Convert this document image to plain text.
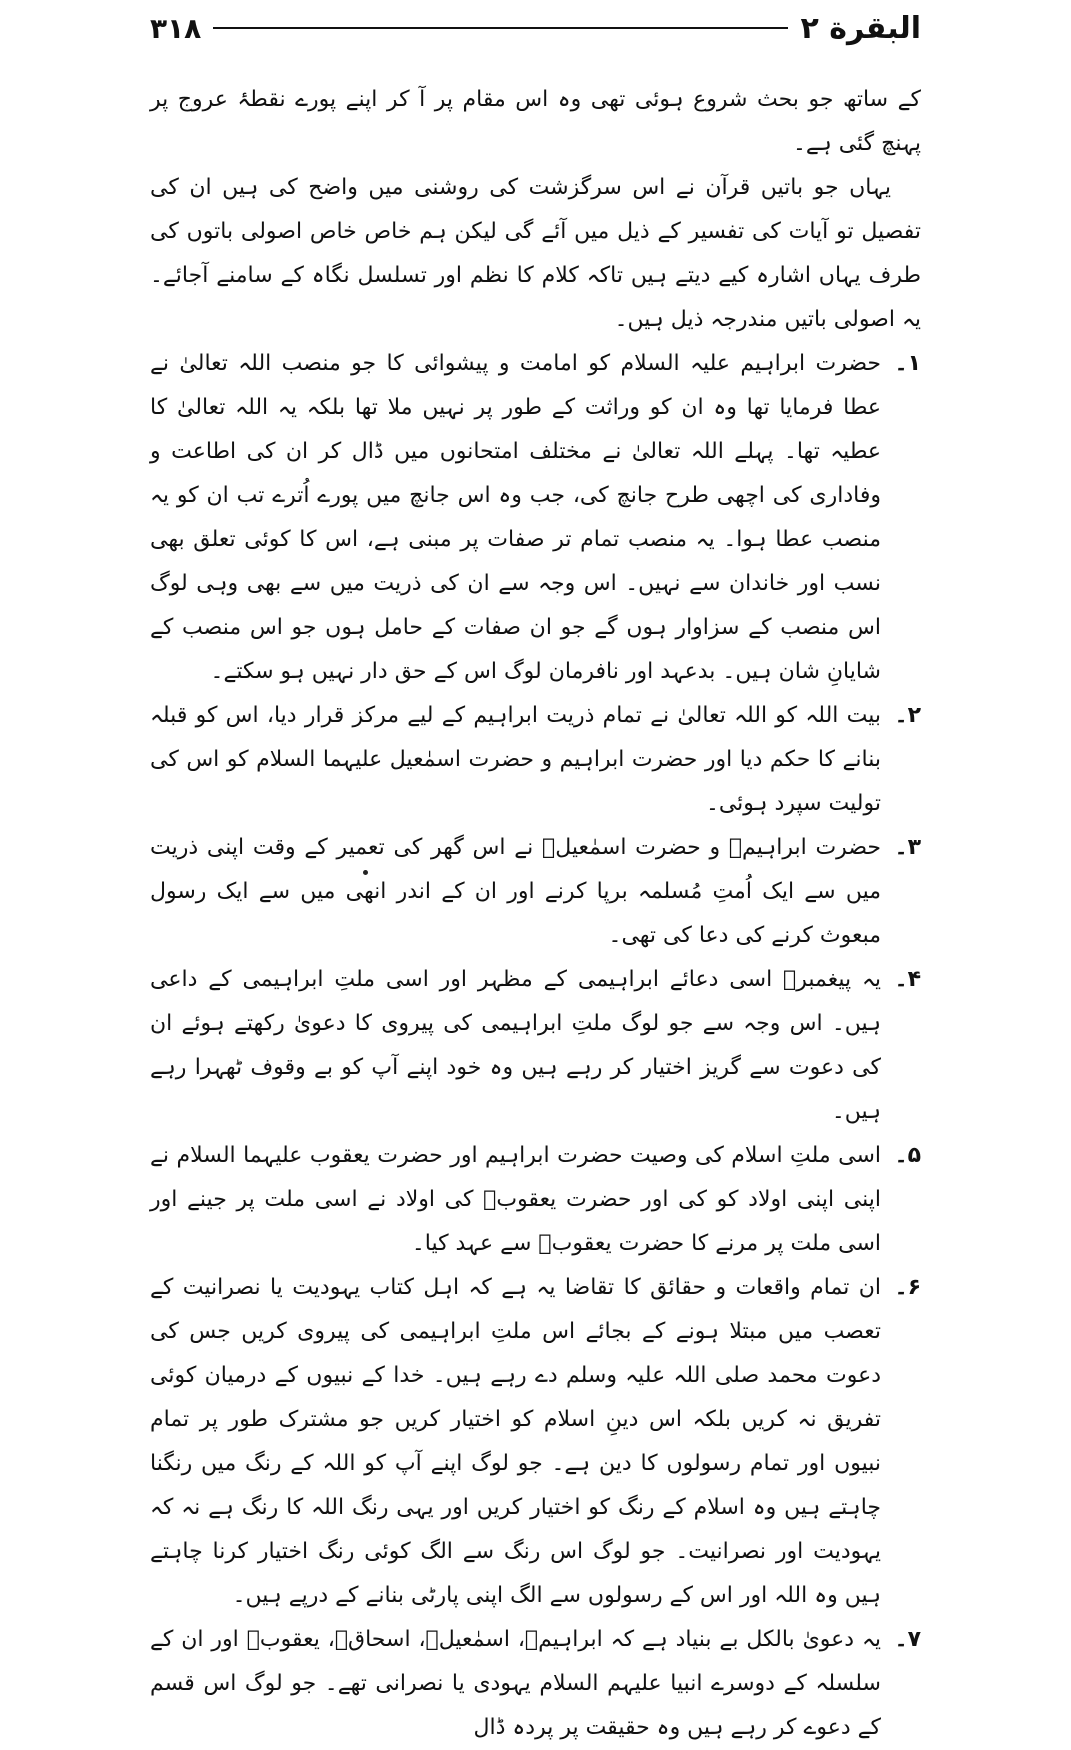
البقرة ٢
٣١٨

کے ساتھ جو بحث شروع ہوئی تھی وہ اس مقام پر آ کر اپنے پورے نقطۂ عروج پر پہنچ گئی ہے۔

یہاں جو باتیں قرآن نے اس سرگزشت کی روشنی میں واضح کی ہیں ان کی تفصیل تو آیات کی تفسیر کے ذیل میں آئے گی لیکن ہم خاص خاص اصولی باتوں کی طرف یہاں اشارہ کیے دیتے ہیں تاکہ کلام کا نظم اور تسلسل نگاہ کے سامنے آجائے۔ یہ اصولی باتیں مندرجہ ذیل ہیں۔

۱۔
حضرت ابراہیم علیہ السلام کو امامت و پیشوائی کا جو منصب اللہ تعالیٰ نے عطا فرمایا تھا وہ ان کو وراثت کے طور پر نہیں ملا تھا بلکہ یہ اللہ تعالیٰ کا عطیہ تھا۔ پہلے اللہ تعالیٰ نے مختلف امتحانوں میں ڈال کر ان کی اطاعت و وفاداری کی اچھی طرح جانچ کی، جب وہ اس جانچ میں پورے اُترے تب ان کو یہ منصب عطا ہوا۔ یہ منصب تمام تر صفات پر مبنی ہے، اس کا کوئی تعلق بھی نسب اور خاندان سے نہیں۔ اس وجہ سے ان کی ذریت میں سے بھی وہی لوگ اس منصب کے سزاوار ہوں گے جو ان صفات کے حامل ہوں جو اس منصب کے شایانِ شان ہیں۔ بدعہد اور نافرمان لوگ اس کے حق دار نہیں ہو سکتے۔
۲۔
بیت اللہ کو اللہ تعالیٰ نے تمام ذریت ابراہیم کے لیے مرکز قرار دیا، اس کو قبلہ بنانے کا حکم دیا اور حضرت ابراہیم و حضرت اسمٰعیل علیہما السلام کو اس کی تولیت سپرد ہوئی۔
۳۔
حضرت ابراہیمؑ و حضرت اسمٰعیلؑ نے اس گھر کی تعمیر کے وقت اپنی ذریت میں سے ایک اُمتِ مُسلمہ برپا کرنے اور ان کے اندر انھی میں سے ایک رسول مبعوث کرنے کی دعا کی تھی۔
۴۔
یہ پیغمبرؐ اسی دعائے ابراہیمی کے مظہر اور اسی ملتِ ابراہیمی کے داعی ہیں۔ اس وجہ سے جو لوگ ملتِ ابراہیمی کی پیروی کا دعویٰ رکھتے ہوئے ان کی دعوت سے گریز اختیار کر رہے ہیں وہ خود اپنے آپ کو بے وقوف ٹھہرا رہے ہیں۔
۵۔
اسی ملتِ اسلام کی وصیت حضرت ابراہیم اور حضرت یعقوب علیہما السلام نے اپنی اپنی اولاد کو کی اور حضرت یعقوبؑ کی اولاد نے اسی ملت پر جینے اور اسی ملت پر مرنے کا حضرت یعقوبؑ سے عہد کیا۔
۶۔
ان تمام واقعات و حقائق کا تقاضا یہ ہے کہ اہل کتاب یہودیت یا نصرانیت کے تعصب میں مبتلا ہونے کے بجائے اس ملتِ ابراہیمی کی پیروی کریں جس کی دعوت محمد صلی اللہ علیہ وسلم دے رہے ہیں۔ خدا کے نبیوں کے درمیان کوئی تفریق نہ کریں بلکہ اس دینِ اسلام کو اختیار کریں جو مشترک طور پر تمام نبیوں اور تمام رسولوں کا دین ہے۔ جو لوگ اپنے آپ کو اللہ کے رنگ میں رنگنا چاہتے ہیں وہ اسلام کے رنگ کو اختیار کریں اور یہی رنگ اللہ کا رنگ ہے نہ کہ یہودیت اور نصرانیت۔ جو لوگ اس رنگ سے الگ کوئی رنگ اختیار کرنا چاہتے ہیں وہ اللہ اور اس کے رسولوں سے الگ اپنی پارٹی بنانے کے درپے ہیں۔
۷۔
یہ دعویٰ بالکل بے بنیاد ہے کہ ابراہیمؑ، اسمٰعیلؑ، اسحاقؑ، یعقوبؑ اور ان کے سلسلہ کے دوسرے انبیا علیہم السلام یہودی یا نصرانی تھے۔ جو لوگ اس قسم کے دعوے کر رہے ہیں وہ حقیقت پر پردہ ڈال
